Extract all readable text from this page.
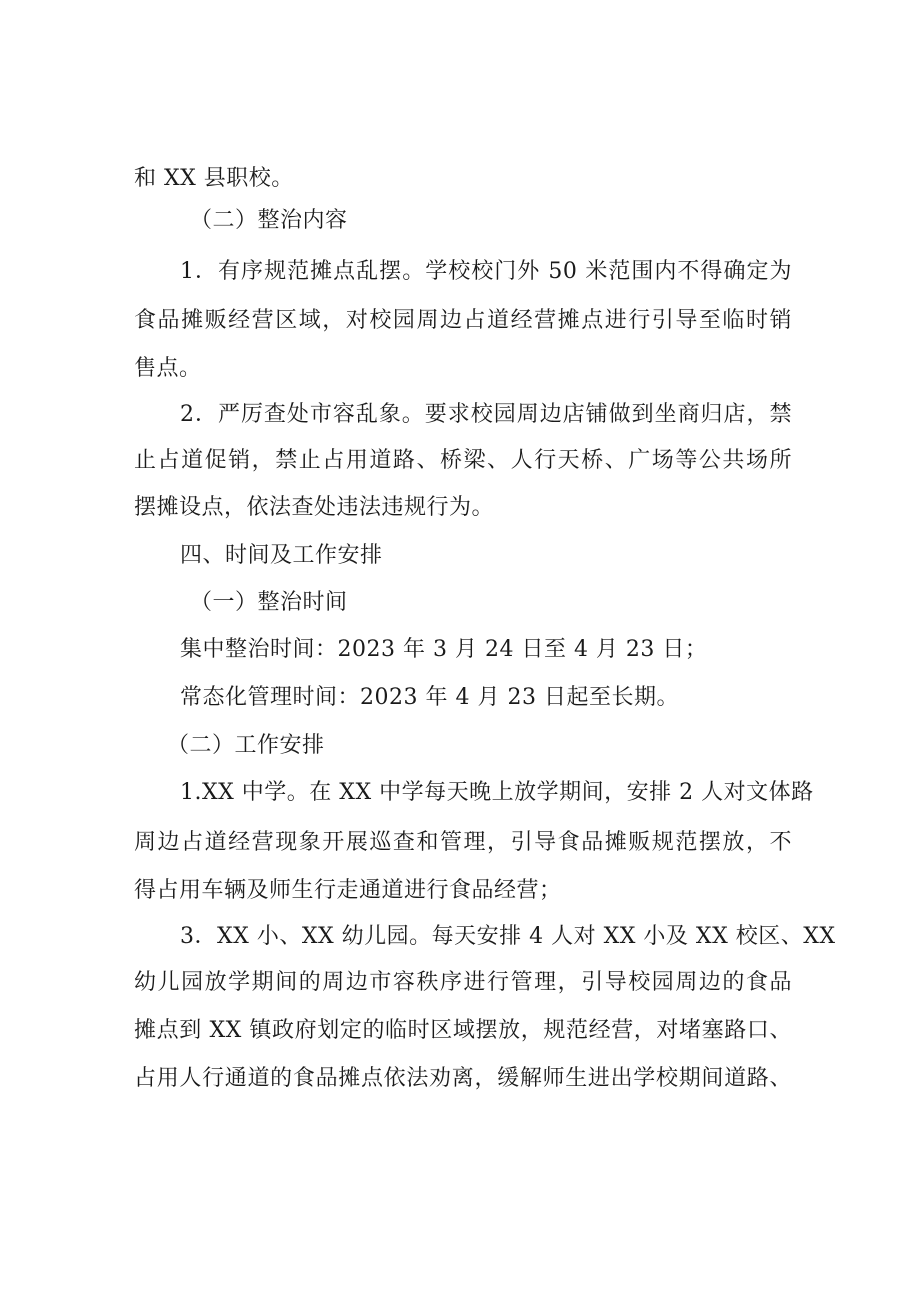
和 XX 县职校。
（二）整治内容
1．有序规范摊点乱摆。学校校门外 50 米范围内不得确定为
食品摊贩经营区域，对校园周边占道经营摊点进行引导至临时销
售点。
2．严厉查处市容乱象。要求校园周边店铺做到坐商归店，禁
止占道促销，禁止占用道路、桥梁、人行天桥、广场等公共场所
摆摊设点，依法查处违法违规行为。
四、时间及工作安排
（一）整治时间
集中整治时间：2023 年 3 月 24 日至 4 月 23 日；
常态化管理时间：2023 年 4 月 23 日起至长期。
（二）工作安排
1.XX 中学。在 XX 中学每天晚上放学期间，安排 2 人对文体路
周边占道经营现象开展巡查和管理，引导食品摊贩规范摆放，不
得占用车辆及师生行走通道进行食品经营；
3．XX 小、XX 幼儿园。每天安排 4 人对 XX 小及 XX 校区、XX
幼儿园放学期间的周边市容秩序进行管理，引导校园周边的食品
摊点到 XX 镇政府划定的临时区域摆放，规范经营，对堵塞路口、
占用人行通道的食品摊点依法劝离，缓解师生进出学校期间道路、
